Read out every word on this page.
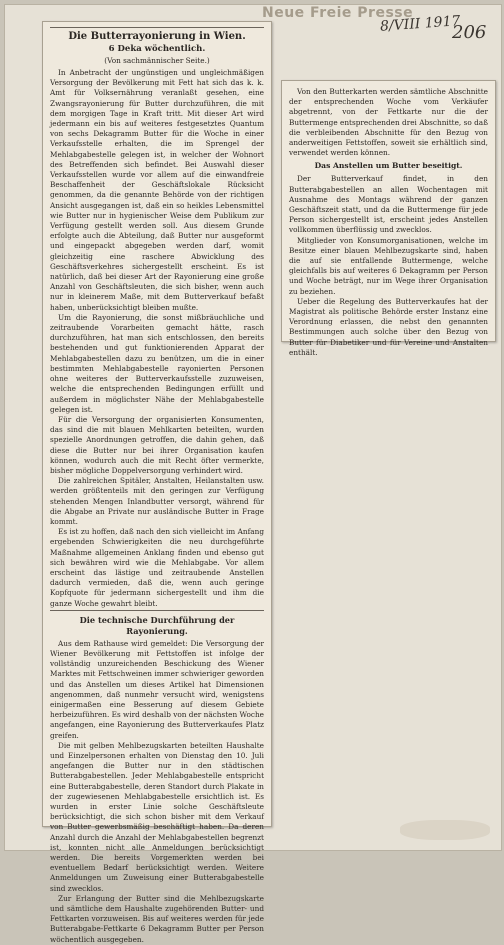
Neue Freie Presse
8/VIII 1917
206
Die Butterrayonierung in Wien.
6 Deka wöchentlich.
(Von sachmännischer Seite.)

In Anbetracht der ungünstigen und ungleichmäßigen Versorgung der Bevölkerung mit Fett hat sich das k. k. Amt für Volksernährung veranlaßt gesehen, eine Zwangsrayonierung für Butter durchzuführen, die mit dem morgigen Tage in Kraft tritt. Mit dieser Art wird jedermann ein bis auf weiteres festgesetztes Quantum von sechs Dekagramm Butter für die Woche in einer Verkaufsstelle erhalten, die im Sprengel der Mehlabgabestelle gelegen ist, in welcher der Wohnort des Betreffenden sich befindet. Bei Auswahl dieser Verkaufsstellen wurde vor allem auf die einwandfreie Beschaffenheit der Geschäftslokale Rücksicht genommen, da die genannte Behörde von der richtigen Ansicht ausgegangen ist, daß ein so heikles Lebensmittel wie Butter nur in hygienischer Weise dem Publikum zur Verfügung gestellt werden soll. Aus diesem Grunde erfolgte auch die Abteilung, daß Butter nur ausgeformt und eingepackt abgegeben werden darf, womit gleichzeitig eine raschere Abwicklung des Geschäftsverkehres sichergestellt erscheint. Es ist natürlich, daß bei dieser Art der Rayonierung eine große Anzahl von Geschäftsleuten, die sich bisher, wenn auch nur in kleinerem Maße, mit dem Butterverkauf befaßt haben, unberücksichtigt bleiben mußte.

Um die Rayonierung, die sonst mißbräuchliche und zeitraubende Vorarbeiten gemacht hätte, rasch durchzuführen, hat man sich entschlossen, den bereits bestehenden und gut funktionierenden Apparat der Mehlabgabestellen dazu zu benützen, um die in einer bestimmten Mehlabgabestelle rayonierten Personen ohne weiteres der Butterverkaufsstelle zuzuweisen, welche die entsprechenden Bedingungen erfüllt und außerdem in möglichster Nähe der Mehlabgabestelle gelegen ist.

Für die Versorgung der organisierten Konsumenten, das sind die mit blauen Mehlkarten beteilten, wurden spezielle Anordnungen getroffen, die dahin gehen, daß diese die Butter nur bei ihrer Organisation kaufen können, wodurch auch die mit Recht öfter vermerkte, bisher mögliche Doppelversorgung verhindert wird.

Die zahlreichen Spitäler, Anstalten, Heilanstalten usw. werden größtenteils mit den geringen zur Verfügung stehenden Mengen Inlandbutter versorgt, während für die Abgabe an Private nur ausländische Butter in Frage kommt.

Es ist zu hoffen, daß nach den sich vielleicht im Anfang ergebenden Schwierigkeiten die neu durchgeführte Maßnahme allgemeinen Anklang finden und ebenso gut sich bewähren wird wie die Mehlabgabe. Vor allem erscheint das lästige und zeitraubende Anstellen dadurch vermieden, daß die, wenn auch geringe Kopfquote für jedermann sichergestellt und ihm die ganze Woche gewahrt bleibt.

Die technische Durchführung der Rayonierung.

Aus dem Rathause wird gemeldet: Die Versorgung der Wiener Bevölkerung mit Fettstoffen ist infolge der vollständig unzureichenden Beschickung des Wiener Marktes mit Fettschweinen immer schwieriger geworden und das Anstellen um dieses Artikel hat Dimensionen angenommen, daß nunmehr versucht wird, wenigstens einigermaßen eine Besserung auf diesem Gebiete herbeizuführen. Es wird deshalb von der nächsten Woche angefangen, eine Rayonierung des Butterverkaufes Platz greifen.

Die mit gelben Mehlbezugskarten beteilten Haushalte und Einzelpersonen erhalten von Dienstag den 10. Juli angefangen die Butter nur in den städtischen Butterabgabestellen. Jeder Mehlabgabestelle entspricht eine Butterabgabestelle, deren Standort durch Plakate in der zugewiesenen Mehlabgabestelle ersichtlich ist. Es wurden in erster Linie solche Geschäftsleute berücksichtigt, die sich schon bisher mit dem Verkauf von Butter gewerbsmäßig beschäftigt haben. Da deren Anzahl durch die Anzahl der Mehlabgabestellen begrenzt ist, konnten nicht alle Anmeldungen berücksichtigt werden. Die bereits Vorgemerkten werden bei eventuellem Bedarf berücksichtigt werden. Weitere Anmeldungen um Zuweisung einer Butterabgabestelle sind zwecklos.

Zur Erlangung der Butter sind die Mehlbezugskarte und sämtliche dem Haushalte zugehörenden Butter- und Fettkarten vorzuweisen. Bis auf weiteres werden für jede Butterabgabe-Fettkarte 6 Dekagramm Butter per Person wöchentlich ausgegeben.

Von den Butterkarten werden sämtliche Abschnitte der entsprechenden Woche vom Verkäufer abgetrennt, von der Fettkarte nur die der Buttermenge entsprechenden drei Abschnitte, so daß die verbleibenden Abschnitte für den Bezug von anderweitigen Fettstoffen, soweit sie erhältlich sind, verwendet werden können.

Das Anstellen um Butter beseitigt.

Der Butterverkauf findet, in den Butterabgabestellen an allen Wochentagen mit Ausnahme des Montags während der ganzen Geschäftszeit statt, und da die Buttermenge für jede Person sichergestellt ist, erscheint jedes Anstellen vollkommen überflüssig und zwecklos.

Mitglieder von Konsumorganisationen, welche im Besitze einer blauen Mehlbezugskarte sind, haben die auf sie entfallende Buttermenge, welche gleichfalls bis auf weiteres 6 Dekagramm per Person und Woche beträgt, nur im Wege ihrer Organisation zu beziehen.

Ueber die Regelung des Butterverkaufes hat der Magistrat als politische Behörde erster Instanz eine Verordnung erlassen, die nebst den genannten Bestimmungen auch solche über den Bezug von Butter für Diabetiker und für Vereine und Anstalten enthält.
